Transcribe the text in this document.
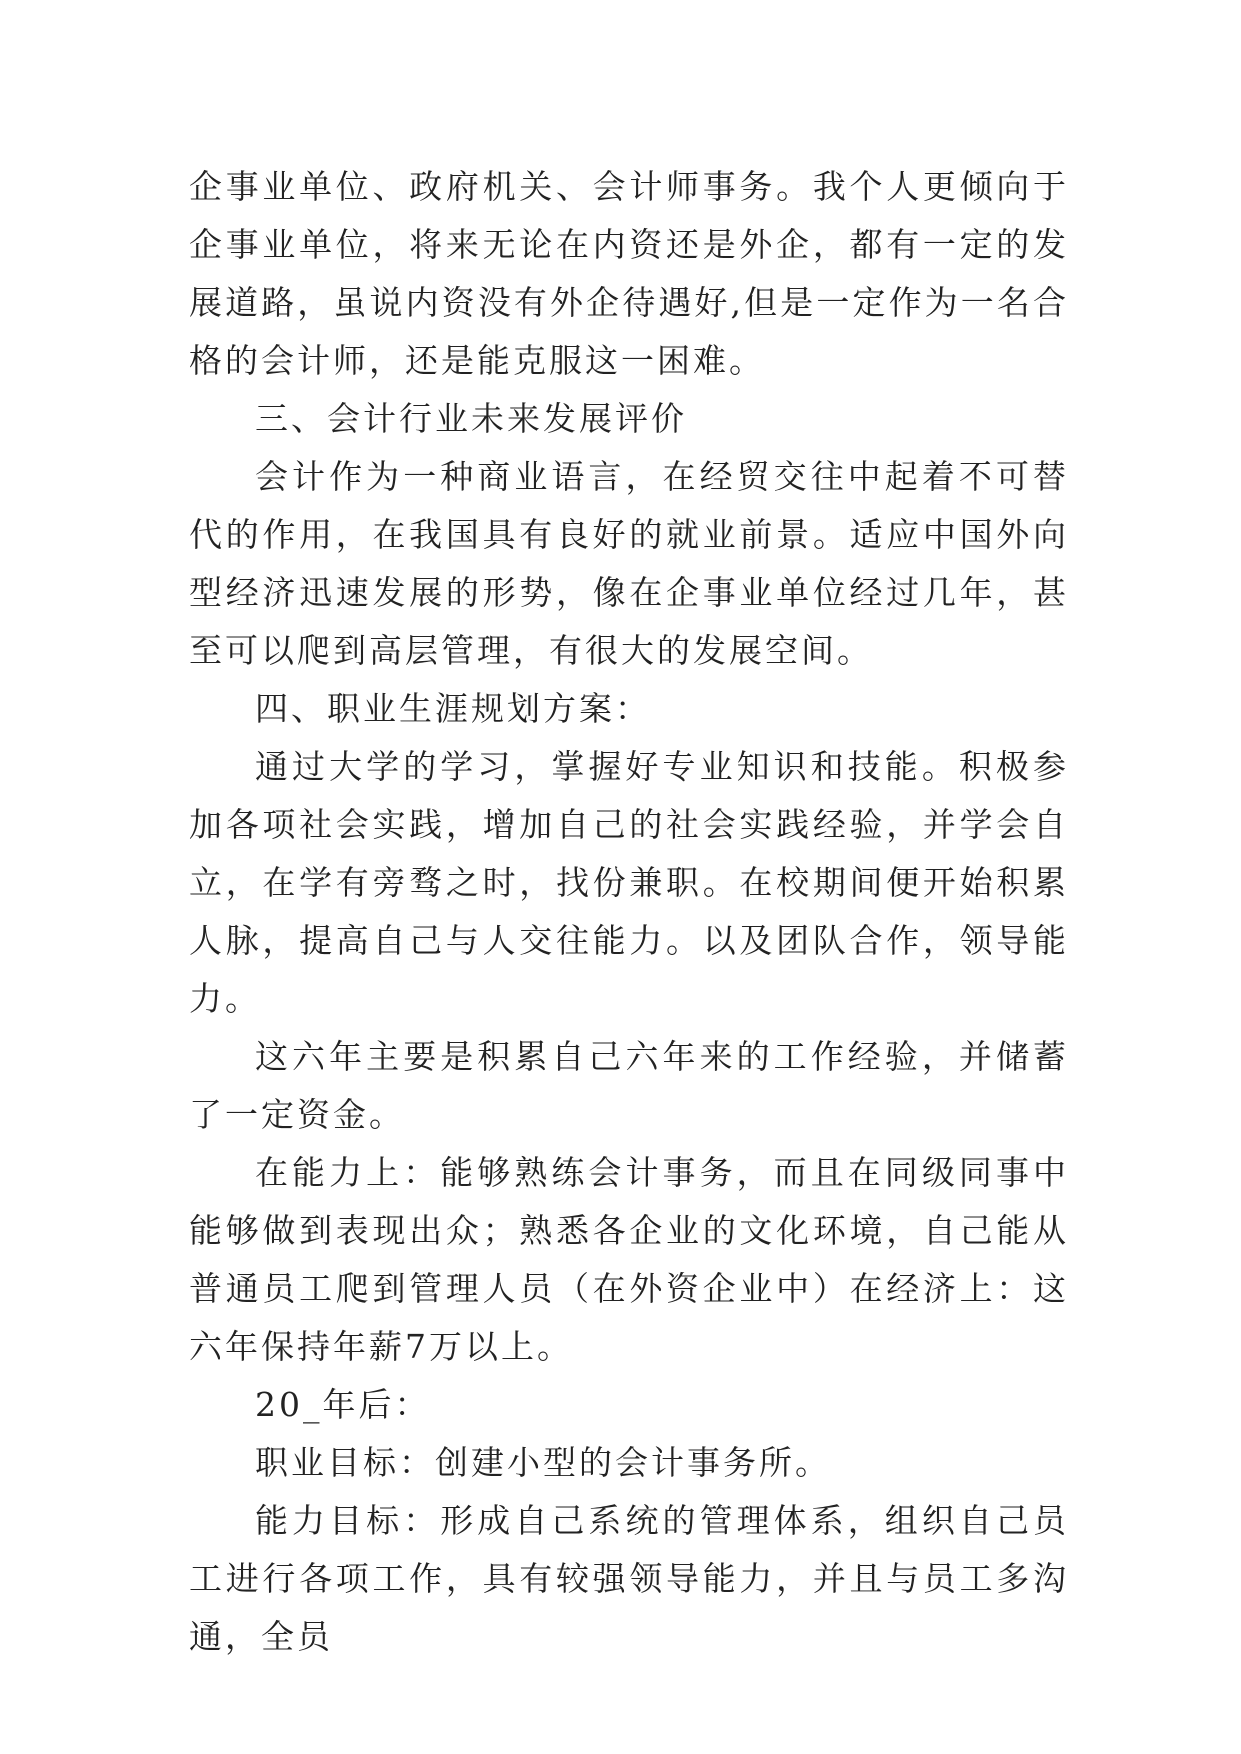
企事业单位、政府机关、会计师事务。我个人更倾向于企事业单位，将来无论在内资还是外企，都有一定的发展道路，虽说内资没有外企待遇好,但是一定作为一名合格的会计师，还是能克服这一困难。

三、会计行业未来发展评价

会计作为一种商业语言，在经贸交往中起着不可替代的作用，在我国具有良好的就业前景。适应中国外向型经济迅速发展的形势，像在企事业单位经过几年，甚至可以爬到高层管理，有很大的发展空间。

四、职业生涯规划方案：

通过大学的学习，掌握好专业知识和技能。积极参加各项社会实践，增加自己的社会实践经验，并学会自立，在学有旁骛之时，找份兼职。在校期间便开始积累人脉，提高自己与人交往能力。以及团队合作，领导能力。

这六年主要是积累自己六年来的工作经验，并储蓄了一定资金。

在能力上：能够熟练会计事务，而且在同级同事中能够做到表现出众；熟悉各企业的文化环境，自己能从普通员工爬到管理人员（在外资企业中）在经济上：这六年保持年薪7万以上。

20_年后：

职业目标：创建小型的会计事务所。

能力目标：形成自己系统的管理体系，组织自己员工进行各项工作，具有较强领导能力，并且与员工多沟通，全员
